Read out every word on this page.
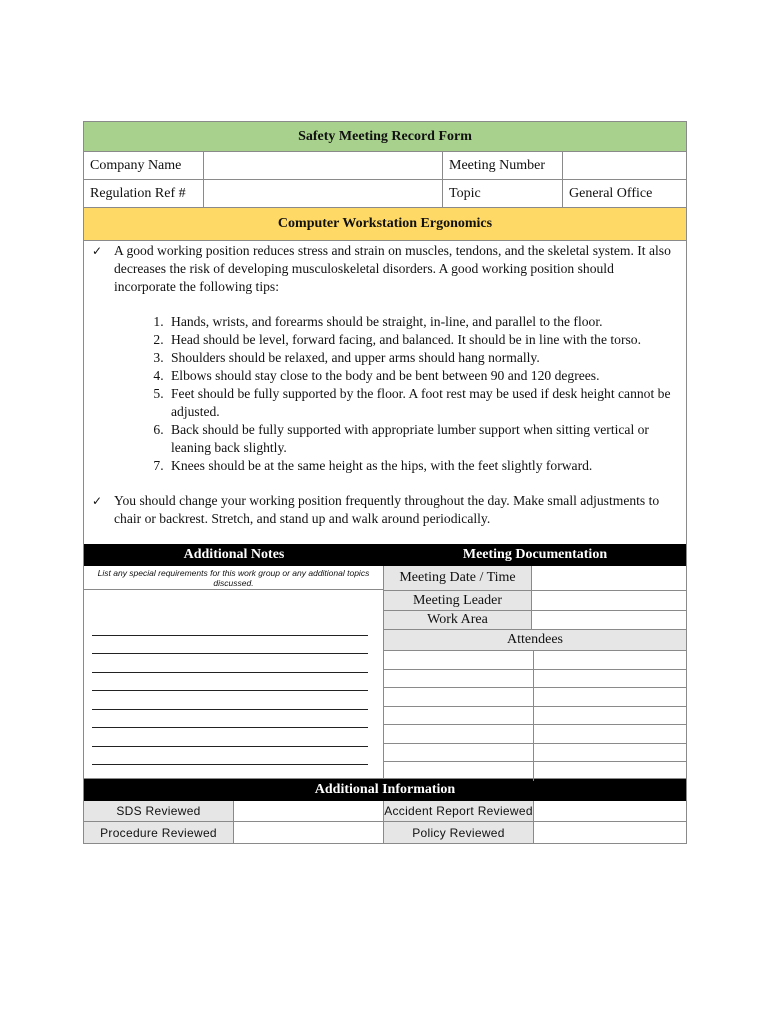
Safety Meeting Record Form
Company Name	Meeting Number
Regulation Ref #	Topic	General Office
Computer Workstation Ergonomics
✓ A good working position reduces stress and strain on muscles, tendons, and the skeletal system. It also decreases the risk of developing musculoskeletal disorders. A good working position should incorporate the following tips:
1. Hands, wrists, and forearms should be straight, in-line, and parallel to the floor.
2. Head should be level, forward facing, and balanced. It should be in line with the torso.
3. Shoulders should be relaxed, and upper arms should hang normally.
4. Elbows should stay close to the body and be bent between 90 and 120 degrees.
5. Feet should be fully supported by the floor. A foot rest may be used if desk height cannot be adjusted.
6. Back should be fully supported with appropriate lumber support when sitting vertical or leaning back slightly.
7. Knees should be at the same height as the hips, with the feet slightly forward.
✓ You should change your working position frequently throughout the day. Make small adjustments to chair or backrest. Stretch, and stand up and walk around periodically.
Additional Notes	Meeting Documentation
List any special requirements for this work group or any additional topics discussed.	Meeting Date / Time
Meeting Leader
Work Area
Attendees
Additional Information
SDS Reviewed	Accident Report Reviewed
Procedure Reviewed	Policy Reviewed
